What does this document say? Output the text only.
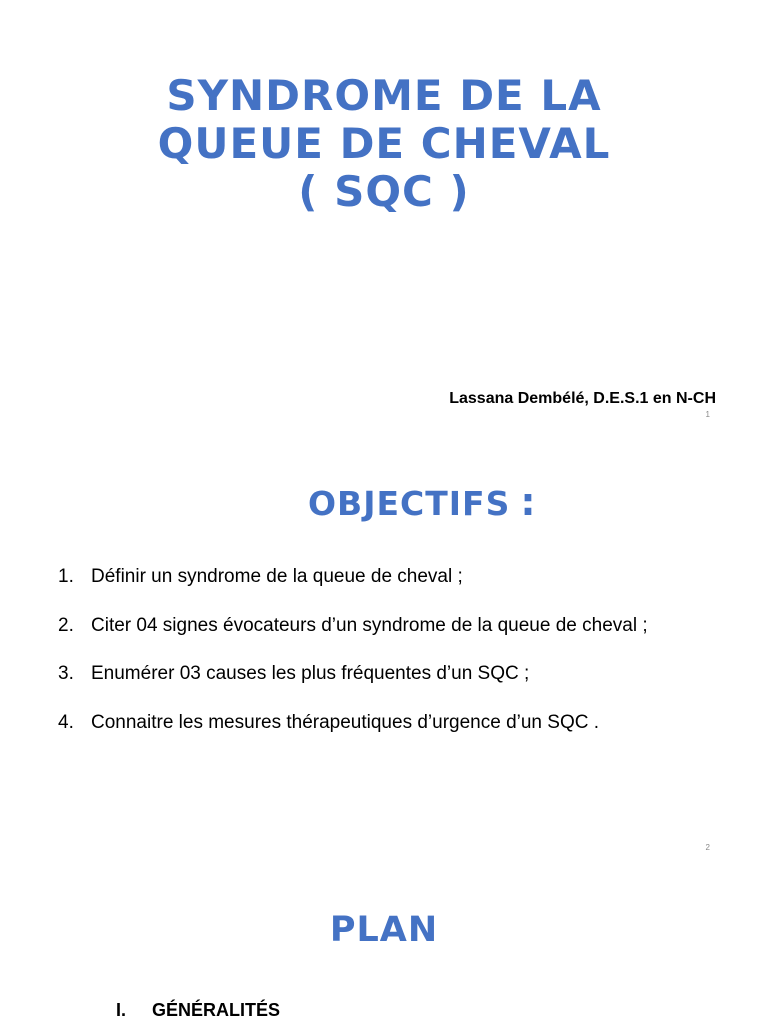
SYNDROME DE LA
QUEUE DE CHEVAL
( SQC )
Lassana Dembélé, D.E.S.1 en N-CH
1
OBJECTIFS :
1. Définir un syndrome de la queue de cheval ;
2. Citer 04 signes évocateurs d’un syndrome de la queue de cheval ;
3. Enumérer 03 causes les plus fréquentes d’un SQC ;
4. Connaitre les mesures thérapeutiques d’urgence d’un SQC .
2
PLAN
I. GÉNÉRALITÉS
